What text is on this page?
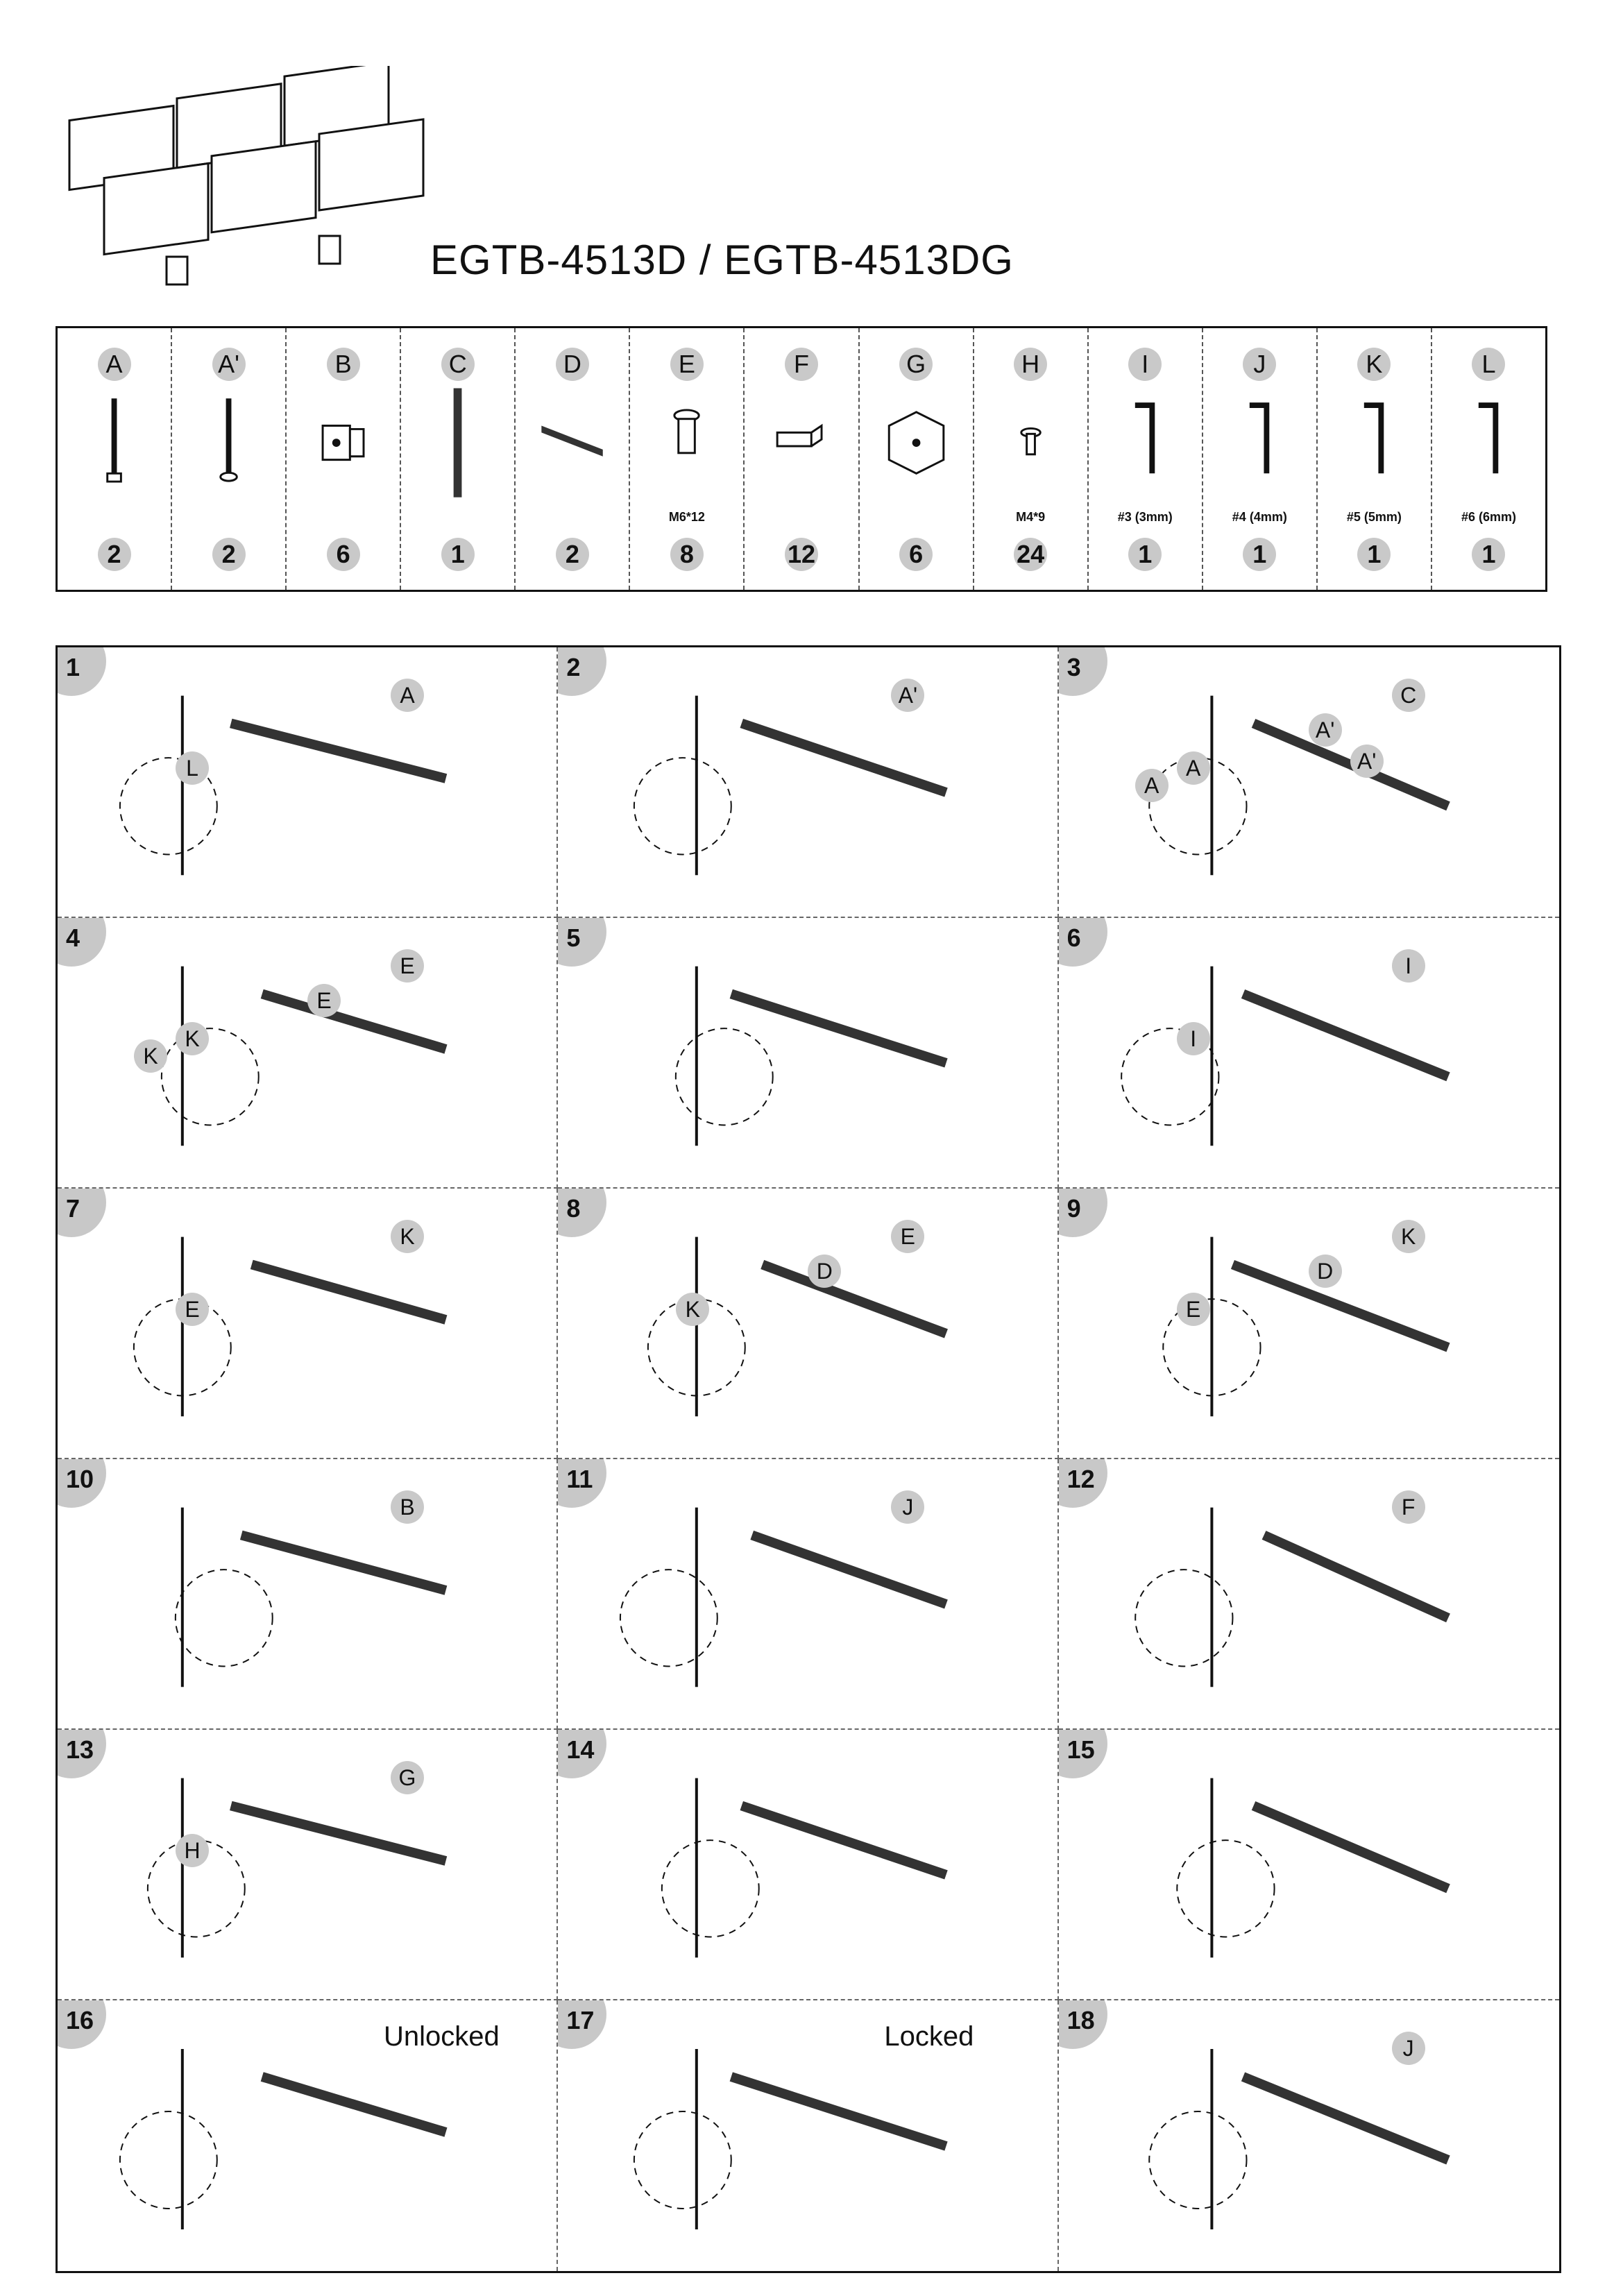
EGTB-4513D / EGTB-4513DG
A
2
A'
2
B
6
C
1
D
2
E
M6*12
8
F
12
G
6
H
M4*9
24
I
#3 (3mm)
1
J
#4 (4mm)
1
K
#5 (5mm)
1
L
#6 (6mm)
1
1
A
L
2
A'
3
C
A
A'
A
A'
4
E
K
E
K
5	6
I
I
7
K
E
8
E
K
D
9
K
E
D
10
B
11
J
12
F
13
G
H
14	15
16
Unlocked
17
Locked
18
J
